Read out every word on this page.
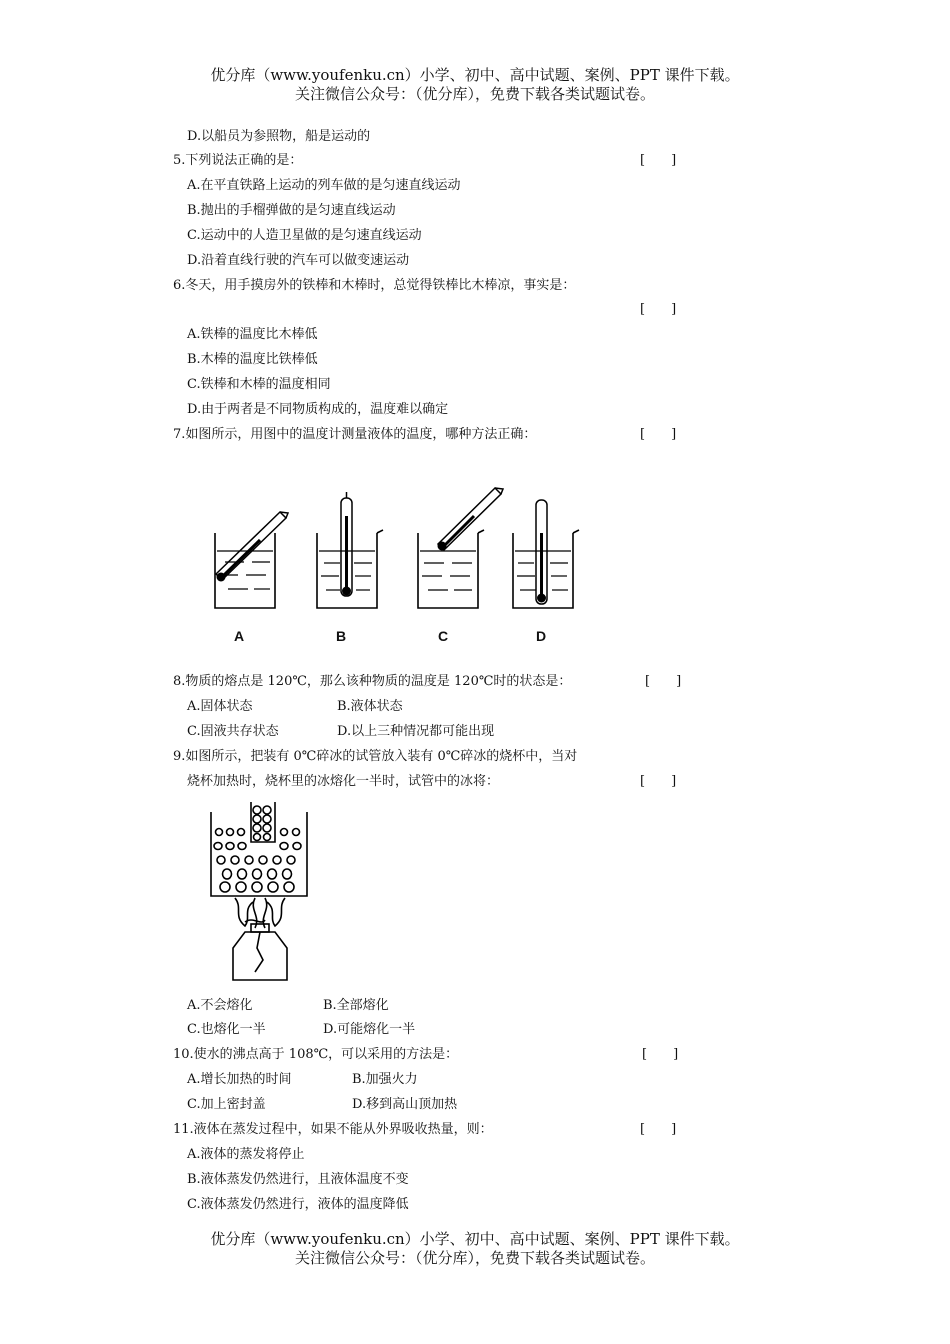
优分库（www.youfenku.cn）小学、初中、高中试题、案例、PPT 课件下载。
关注微信公众号：（优分库），免费下载各类试题试卷。
D.以船员为参照物，船是运动的
5.下列说法正确的是：	[　　]
A.在平直铁路上运动的列车做的是匀速直线运动
B.抛出的手榴弹做的是匀速直线运动
C.运动中的人造卫星做的是匀速直线运动
D.沿着直线行驶的汽车可以做变速运动
6.冬天，用手摸房外的铁棒和木棒时，总觉得铁棒比木棒凉，事实是：
[　　]
A.铁棒的温度比木棒低
B.木棒的温度比铁棒低
C.铁棒和木棒的温度相同
D.由于两者是不同物质构成的，温度难以确定
7.如图所示，用图中的温度计测量液体的温度，哪种方法正确：	[　　]
A	B	C	D
8.物质的熔点是 120℃，那么该种物质的温度是 120℃时的状态是：	[　　]
A.固体状态	B.液体状态
C.固液共存状态	D.以上三种情况都可能出现
9.如图所示，把装有 0℃碎冰的试管放入装有 0℃碎冰的烧杯中，当对
烧杯加热时，烧杯里的冰熔化一半时，试管中的冰将：	[　　]
A.不会熔化	B.全部熔化
C.也熔化一半	D.可能熔化一半
10.使水的沸点高于 108℃，可以采用的方法是：	[　　]
A.增长加热的时间	B.加强火力
C.加上密封盖	D.移到高山顶加热
11.液体在蒸发过程中，如果不能从外界吸收热量，则：	[　　]
A.液体的蒸发将停止
B.液体蒸发仍然进行，且液体温度不变
C.液体蒸发仍然进行，液体的温度降低
优分库（www.youfenku.cn）小学、初中、高中试题、案例、PPT 课件下载。
关注微信公众号：（优分库），免费下载各类试题试卷。
